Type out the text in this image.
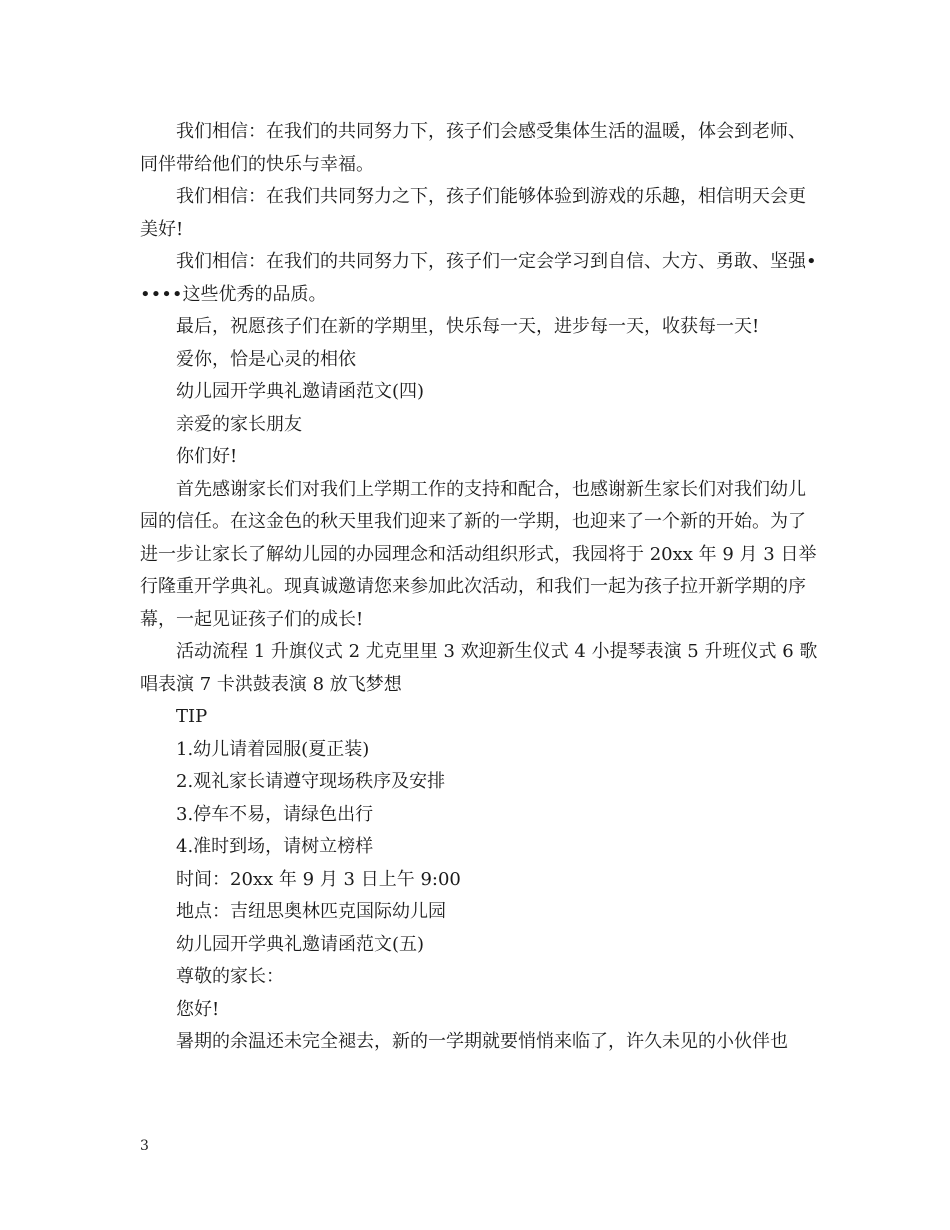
我们相信：在我们的共同努力下，孩子们会感受集体生活的温暖，体会到老师、同伴带给他们的快乐与幸福。

我们相信：在我们共同努力之下，孩子们能够体验到游戏的乐趣，相信明天会更美好!

我们相信：在我们的共同努力下，孩子们一定会学习到自信、大方、勇敢、坚强•••••这些优秀的品质。

最后，祝愿孩子们在新的学期里，快乐每一天，进步每一天，收获每一天!

爱你，恰是心灵的相依

幼儿园开学典礼邀请函范文(四)

亲爱的家长朋友

你们好!

首先感谢家长们对我们上学期工作的支持和配合，也感谢新生家长们对我们幼儿园的信任。在这金色的秋天里我们迎来了新的一学期，也迎来了一个新的开始。为了进一步让家长了解幼儿园的办园理念和活动组织形式，我园将于 20xx 年 9 月 3 日举行隆重开学典礼。现真诚邀请您来参加此次活动，和我们一起为孩子拉开新学期的序幕，一起见证孩子们的成长!

活动流程 1 升旗仪式 2 尤克里里 3 欢迎新生仪式 4 小提琴表演 5 升班仪式 6 歌唱表演 7 卡洪鼓表演 8 放飞梦想

TIP

1.幼儿请着园服(夏正装)

2.观礼家长请遵守现场秩序及安排

3.停车不易，请绿色出行

4.准时到场，请树立榜样

时间：20xx 年 9 月 3 日上午 9:00

地点：吉纽思奥林匹克国际幼儿园

幼儿园开学典礼邀请函范文(五)

尊敬的家长：

您好!

暑期的余温还未完全褪去，新的一学期就要悄悄来临了，许久未见的小伙伴也

3
